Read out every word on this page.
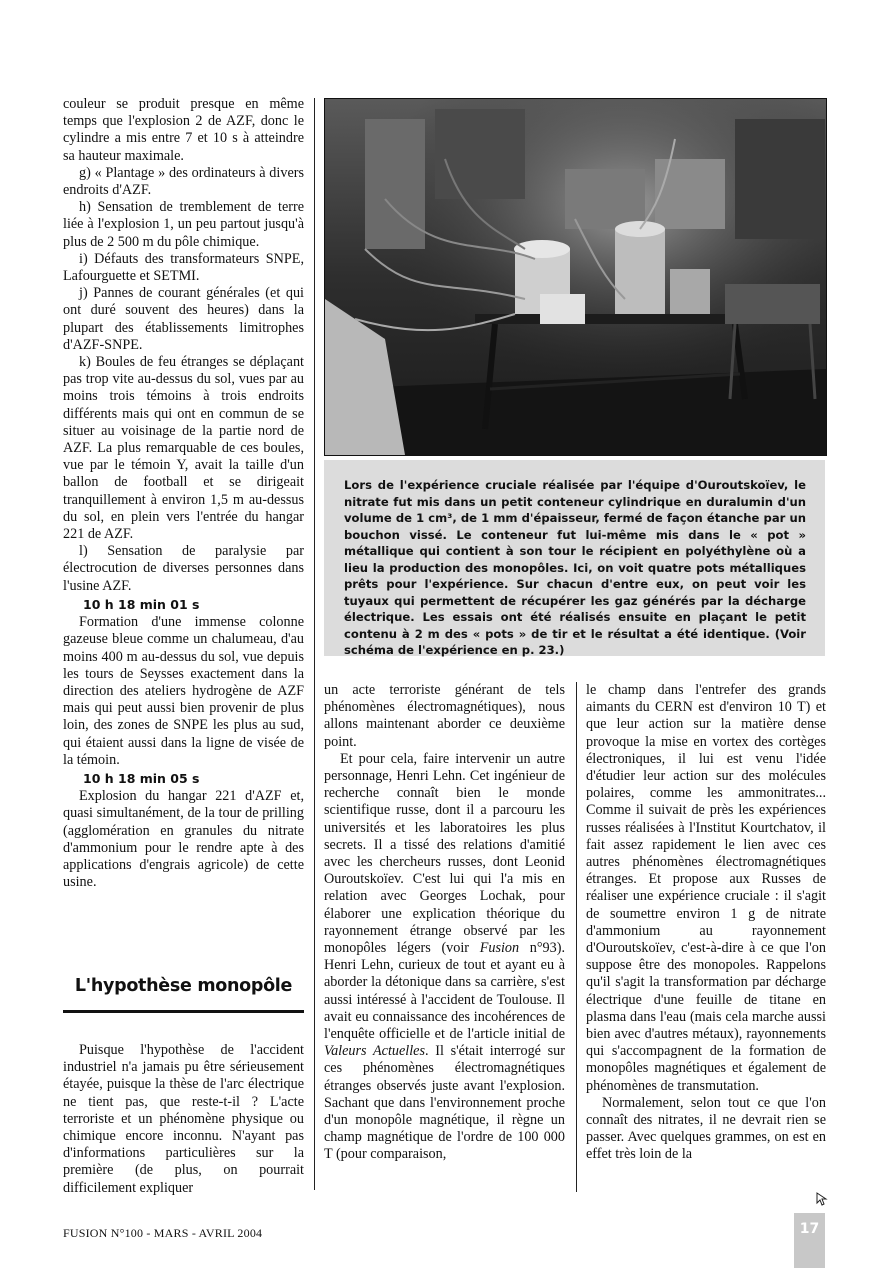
couleur se produit presque en même temps que l'explosion 2 de AZF, donc le cylindre a mis entre 7 et 10 s à atteindre sa hauteur maximale.

g) « Plantage » des ordinateurs à divers endroits d'AZF.

h) Sensation de tremblement de terre liée à l'explosion 1, un peu partout jusqu'à plus de 2 500 m du pôle chimique.

i) Défauts des transformateurs SNPE, Lafourguette et SETMI.

j) Pannes de courant générales (et qui ont duré souvent des heures) dans la plupart des établissements limitrophes d'AZF-SNPE.

k) Boules de feu étranges se déplaçant pas trop vite au-dessus du sol, vues par au moins trois témoins à trois endroits différents mais qui ont en commun de se situer au voisinage de la partie nord de AZF. La plus remarquable de ces boules, vue par le témoin Y, avait la taille d'un ballon de football et se dirigeait tranquillement à environ 1,5 m au-dessus du sol, en plein vers l'entrée du hangar 221 de AZF.

l) Sensation de paralysie par électrocution de diverses personnes dans l'usine AZF.

10 h 18 min 01 s

Formation d'une immense colonne gazeuse bleue comme un chalumeau, d'au moins 400 m au-dessus du sol, vue depuis les tours de Seysses exactement dans la direction des ateliers hydrogène de AZF mais qui peut aussi bien provenir de plus loin, des zones de SNPE les plus au sud, qui étaient aussi dans la ligne de visée de la témoin.

10 h 18 min 05 s

Explosion du hangar 221 d'AZF et, quasi simultanément, de la tour de prilling (agglomération en granules du nitrate d'ammonium pour le rendre apte à des applications d'engrais agricole) de cette usine.

L'hypothèse monopôle

Puisque l'hypothèse de l'accident industriel n'a jamais pu être sérieusement étayée, puisque la thèse de l'arc électrique ne tient pas, que reste-t-il ? L'acte terroriste et un phénomène physique ou chimique encore inconnu. N'ayant pas d'informations particulières sur la première (de plus, on pourrait difficilement expliquer

Lors de l'expérience cruciale réalisée par l'équipe d'Ouroutskoïev, le nitrate fut mis dans un petit conteneur cylindrique en duralumin d'un volume de 1 cm³, de 1 mm d'épaisseur, fermé de façon étanche par un bouchon vissé. Le conteneur fut lui-même mis dans le « pot » métallique qui contient à son tour le récipient en polyéthylène où a lieu la production des monopôles. Ici, on voit quatre pots métalliques prêts pour l'expérience. Sur chacun d'entre eux, on peut voir les tuyaux qui permettent de récupérer les gaz générés par la décharge électrique. Les essais ont été réalisés ensuite en plaçant le petit contenu à 2 m des « pots » de tir et le résultat a été identique. (Voir schéma de l'expérience en p. 23.)

un acte terroriste générant de tels phénomènes électromagnétiques), nous allons maintenant aborder ce deuxième point.

Et pour cela, faire intervenir un autre personnage, Henri Lehn. Cet ingénieur de recherche connaît bien le monde scientifique russe, dont il a parcouru les universités et les laboratoires les plus secrets. Il a tissé des relations d'amitié avec les chercheurs russes, dont Leonid Ouroutskoïev. C'est lui qui l'a mis en relation avec Georges Lochak, pour élaborer une explication théorique du rayonnement étrange observé par les monopôles légers (voir Fusion n°93). Henri Lehn, curieux de tout et ayant eu à aborder la détonique dans sa carrière, s'est aussi intéressé à l'accident de Toulouse. Il avait eu connaissance des incohérences de l'enquête officielle et de l'article initial de Valeurs Actuelles. Il s'était interrogé sur ces phénomènes électromagnétiques étranges observés juste avant l'explosion. Sachant que dans l'environnement proche d'un monopôle magnétique, il règne un champ magnétique de l'ordre de 100 000 T (pour comparaison,

le champ dans l'entrefer des grands aimants du CERN est d'environ 10 T) et que leur action sur la matière dense provoque la mise en vortex des cortèges électroniques, il lui est venu l'idée d'étudier leur action sur des molécules polaires, comme les ammonitrates... Comme il suivait de près les expériences russes réalisées à l'Institut Kourtchatov, il fait assez rapidement le lien avec ces autres phénomènes électromagnétiques étranges. Et propose aux Russes de réaliser une expérience cruciale : il s'agit de soumettre environ 1 g de nitrate d'ammonium au rayonnement d'Ouroutskoïev, c'est-à-dire à ce que l'on suppose être des monopoles. Rappelons qu'il s'agit la transformation par décharge électrique d'une feuille de titane en plasma dans l'eau (mais cela marche aussi bien avec d'autres métaux), rayonnements qui s'accompagnent de la formation de monopôles magnétiques et également de phénomènes de transmutation.

Normalement, selon tout ce que l'on connaît des nitrates, il ne devrait rien se passer. Avec quelques grammes, on est en effet très loin de la

FUSION N°100 - MARS - AVRIL 2004	17
